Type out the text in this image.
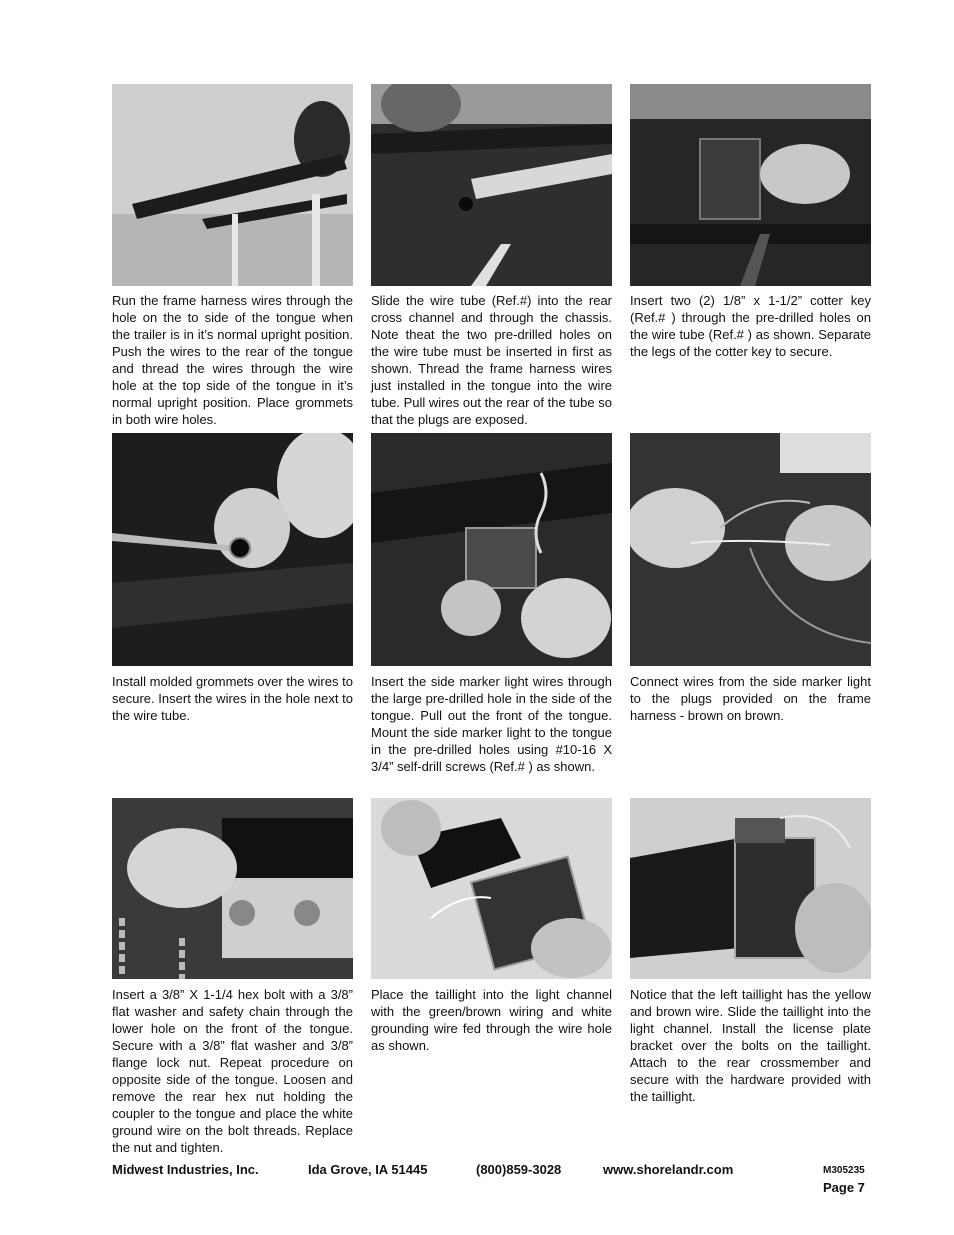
Run the frame harness wires through the hole on the to side of the tongue when the trailer is in it’s normal upright position. Push the wires to the rear of the tongue and thread the wires through the wire hole at the top side of the tongue in it’s normal upright position. Place grommets in both wire holes.

Slide the wire tube (Ref.#) into the rear cross channel and through the chassis. Note theat the two pre-drilled holes on the wire tube must be inserted in first as shown. Thread the frame harness wires just installed in the tongue into the wire tube. Pull wires out the rear of the tube so that the plugs are exposed.

Insert two (2) 1/8” x 1-1/2” cotter key (Ref.# ) through the pre-drilled holes on the wire tube (Ref.# ) as shown. Separate the legs of the cotter key to secure.

Install molded grommets over the wires to secure. Insert the wires in the hole next to the wire tube.

Insert the side marker light wires through the large pre-drilled hole in the side of the tongue. Pull out the front of the tongue. Mount the side marker light to the tongue in the pre-drilled holes using #10-16 X 3/4” self-drill screws (Ref.# ) as shown.

Connect wires from the side marker light to the plugs provided on the frame harness - brown on brown.

Insert a 3/8” X 1-1/4 hex bolt with a 3/8” flat washer and safety chain through the lower hole on the front of the tongue. Secure with a 3/8” flat washer and 3/8” flange lock nut. Repeat procedure on opposite side of the tongue. Loosen and remove the rear hex nut holding the coupler to the tongue and place the white ground wire on the bolt threads. Replace the nut and tighten.

Place the taillight into the light channel with the green/brown wiring and white grounding wire fed through the wire hole as shown.

Notice that the left taillight has the yellow and brown wire. Slide the taillight into the light channel. Install the license plate bracket over the bolts on the taillight. Attach to the rear crossmember and secure with the hardware provided with the taillight.

Midwest Industries, Inc.	Ida Grove, IA 51445	(800)859-3028	www.shorelandr.com	M305235
Page 7
